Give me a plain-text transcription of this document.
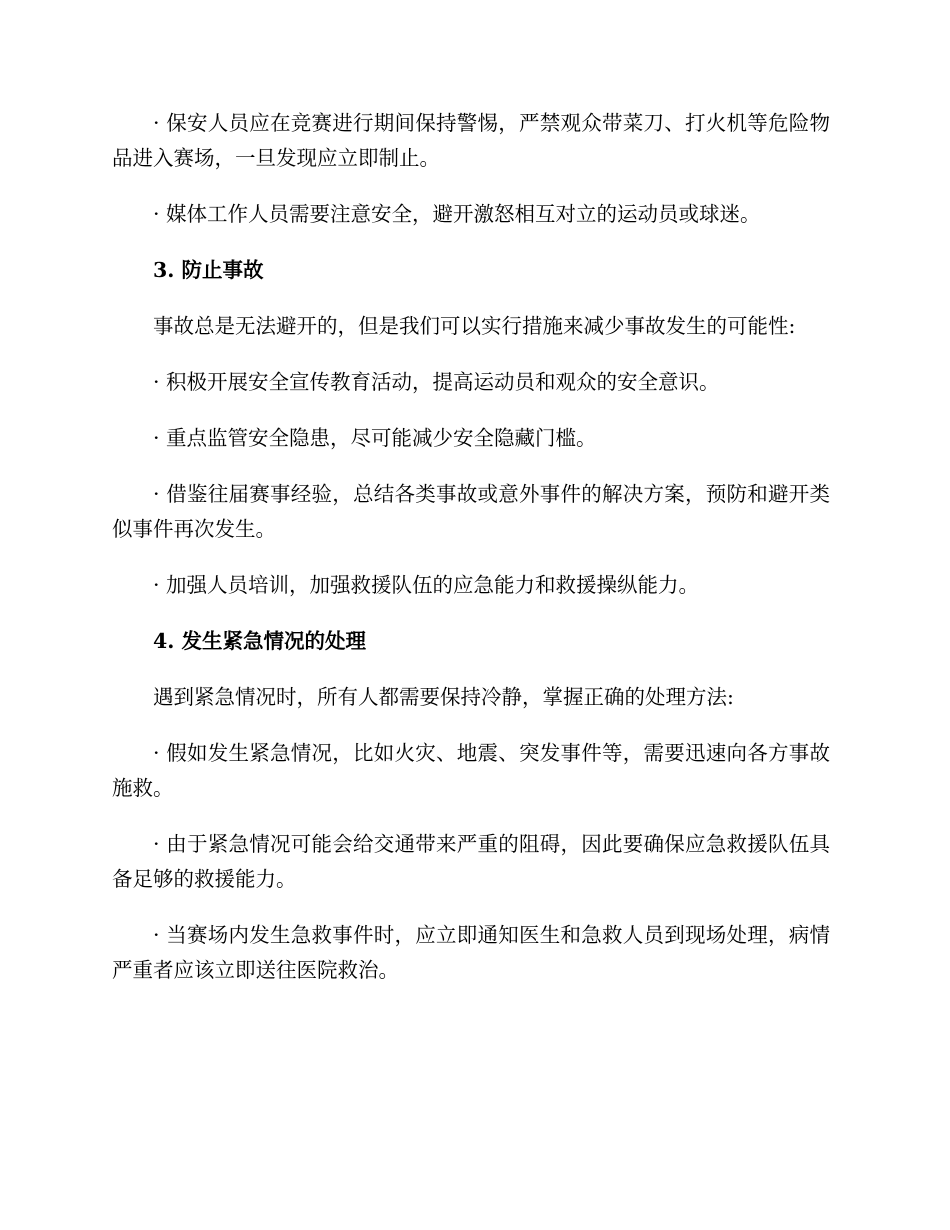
· 保安人员应在竞赛进行期间保持警惕，严禁观众带菜刀、打火机等危险物品进入赛场，一旦发现应立即制止。

· 媒体工作人员需要注意安全，避开激怒相互对立的运动员或球迷。

3. 防止事故

事故总是无法避开的，但是我们可以实行措施来减少事故发生的可能性:

· 积极开展安全宣传教育活动，提高运动员和观众的安全意识。

· 重点监管安全隐患，尽可能减少安全隐藏门槛。

· 借鉴往届赛事经验，总结各类事故或意外事件的解决方案，预防和避开类似事件再次发生。

· 加强人员培训，加强救援队伍的应急能力和救援操纵能力。

4. 发生紧急情况的处理

遇到紧急情况时，所有人都需要保持冷静，掌握正确的处理方法:

· 假如发生紧急情况，比如火灾、地震、突发事件等，需要迅速向各方事故施救。

· 由于紧急情况可能会给交通带来严重的阻碍，因此要确保应急救援队伍具备足够的救援能力。

· 当赛场内发生急救事件时，应立即通知医生和急救人员到现场处理，病情严重者应该立即送往医院救治。
